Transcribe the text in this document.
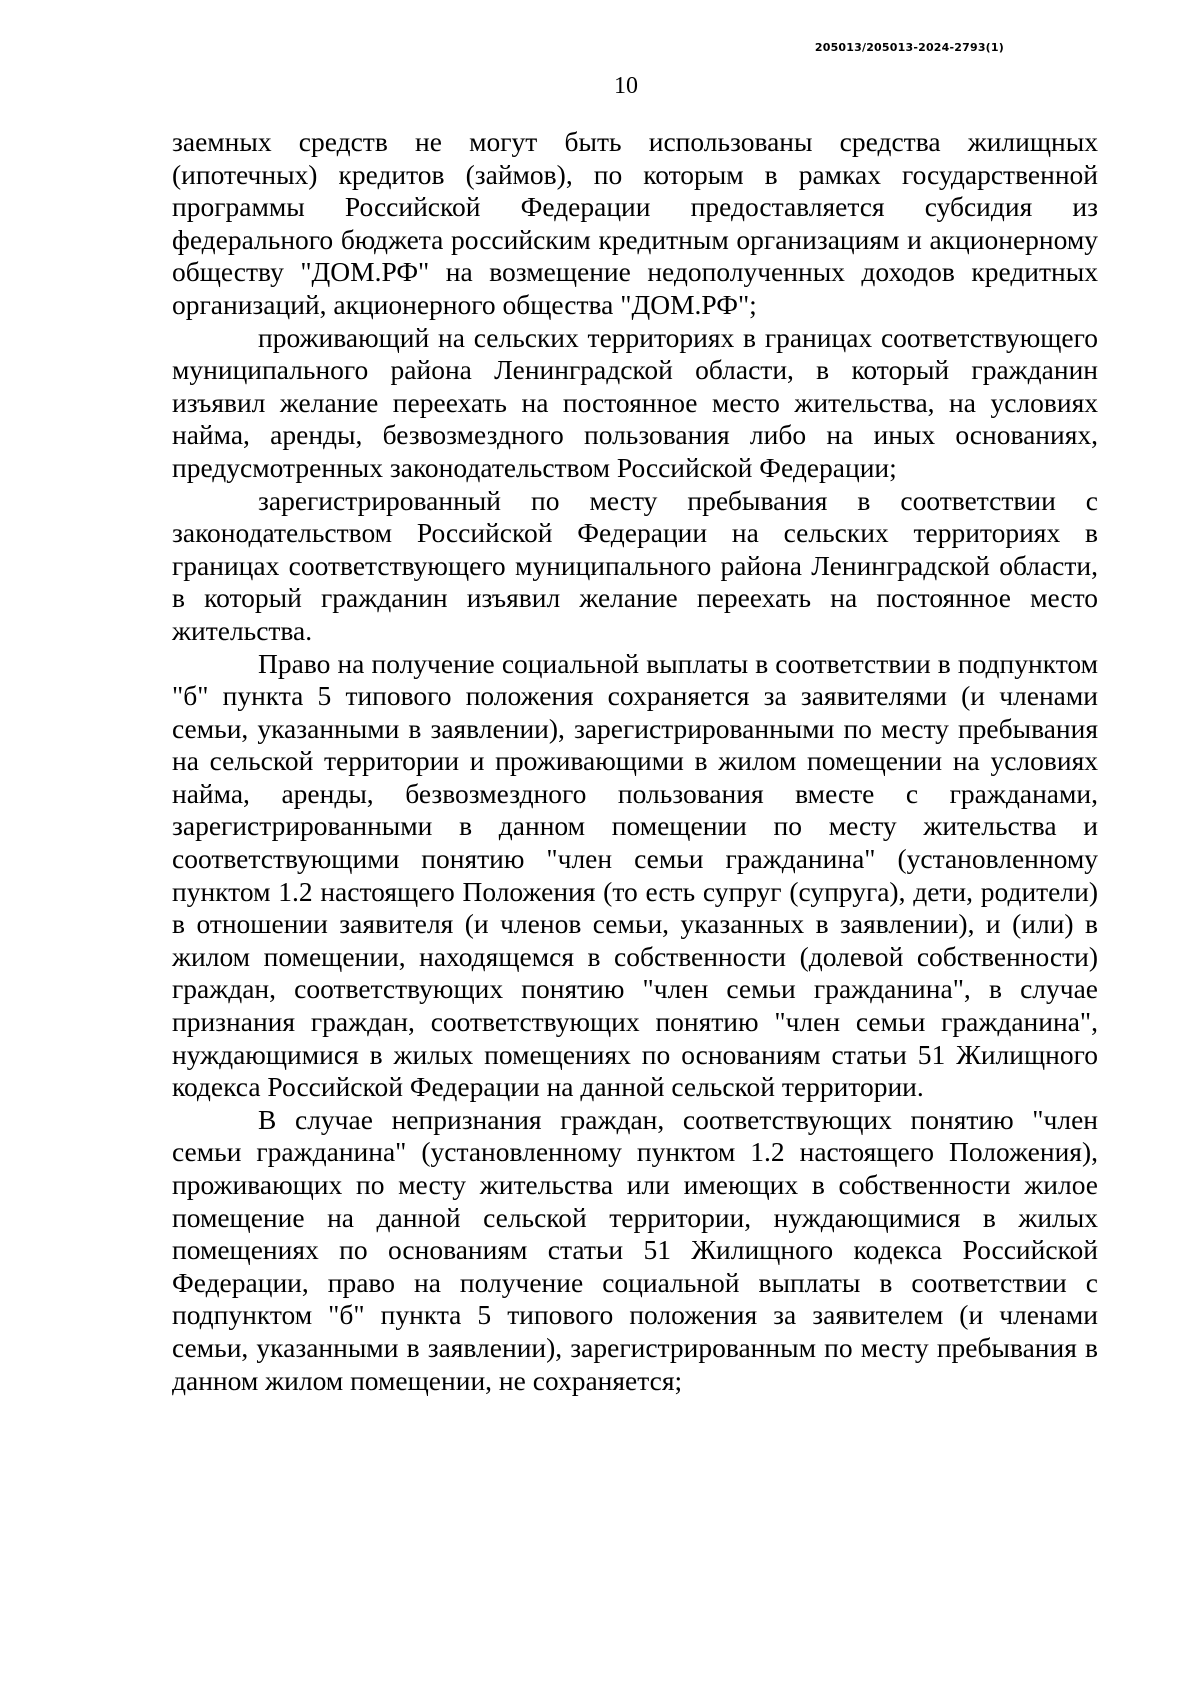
205013/205013-2024-2793(1)
10

заемных средств не могут быть использованы средства жилищных (ипотечных) кредитов (займов), по которым в рамках государственной программы Российской Федерации предоставляется субсидия из федерального бюджета российским кредитным организациям и акционерному обществу "ДОМ.РФ" на возмещение недополученных доходов кредитных организаций, акционерного общества "ДОМ.РФ";

проживающий на сельских территориях в границах соответствующего муниципального района Ленинградской области, в который гражданин изъявил желание переехать на постоянное место жительства, на условиях найма, аренды, безвозмездного пользования либо на иных основаниях, предусмотренных законодательством Российской Федерации;

зарегистрированный по месту пребывания в соответствии с законодательством Российской Федерации на сельских территориях в границах соответствующего муниципального района Ленинградской области, в который гражданин изъявил желание переехать на постоянное место жительства.

Право на получение социальной выплаты в соответствии в подпунктом "б" пункта 5 типового положения сохраняется за заявителями (и членами семьи, указанными в заявлении), зарегистрированными по месту пребывания на сельской территории и проживающими в жилом помещении на условиях найма, аренды, безвозмездного пользования вместе с гражданами, зарегистрированными в данном помещении по месту жительства и соответствующими понятию "член семьи гражданина" (установленному пунктом 1.2 настоящего Положения (то есть супруг (супруга), дети, родители) в отношении заявителя (и членов семьи, указанных в заявлении), и (или) в жилом помещении, находящемся в собственности (долевой собственности) граждан, соответствующих понятию "член семьи гражданина", в случае признания граждан, соответствующих понятию "член семьи гражданина", нуждающимися в жилых помещениях по основаниям статьи 51 Жилищного кодекса Российской Федерации на данной сельской территории.

В случае непризнания граждан, соответствующих понятию "член семьи гражданина" (установленному пунктом 1.2 настоящего Положения), проживающих по месту жительства или имеющих в собственности жилое помещение на данной сельской территории, нуждающимися в жилых помещениях по основаниям статьи 51 Жилищного кодекса Российской Федерации, право на получение социальной выплаты в соответствии с подпунктом "б" пункта 5 типового положения за заявителем (и членами семьи, указанными в заявлении), зарегистрированным по месту пребывания в данном жилом помещении, не сохраняется;
